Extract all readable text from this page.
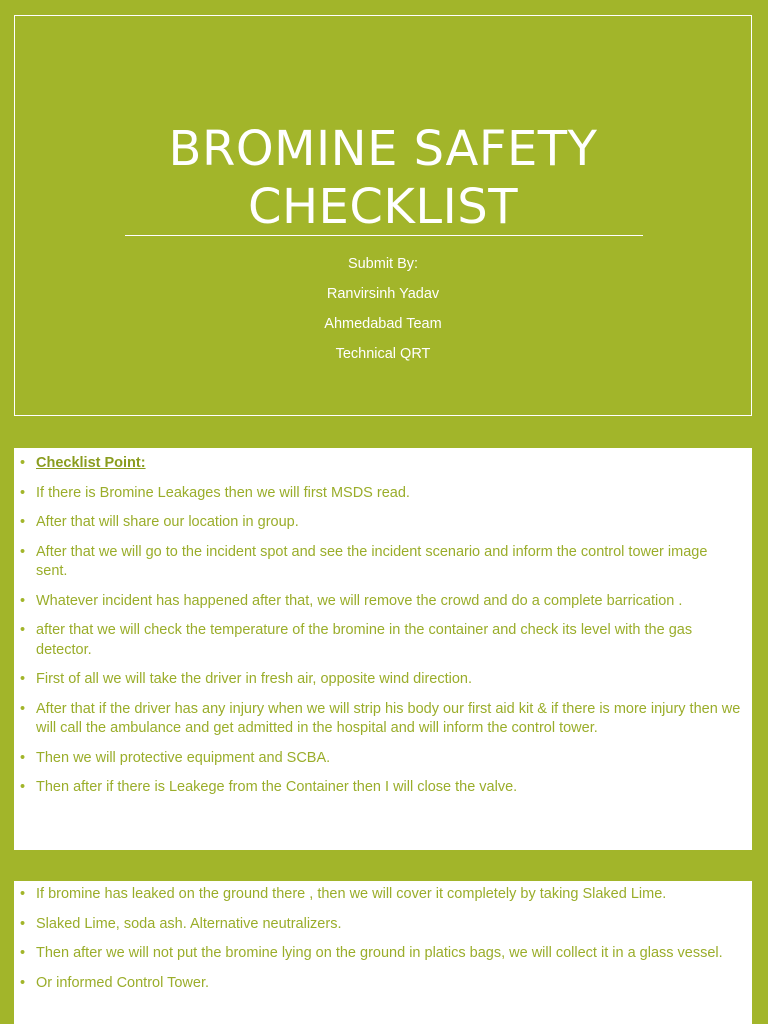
BROMINE SAFETY
CHECKLIST
Submit By:
Ranvirsinh Yadav
Ahmedabad Team
Technical QRT
• Checklist Point:
• If there is Bromine Leakages then we will first MSDS read.
• After that will share our location in group.
• After that we will go to the incident spot and see the incident scenario and inform the control tower image sent.
• Whatever incident has happened after that, we will remove the crowd and do a complete barrication .
• after that we will check the temperature of the bromine in the container and check its level with the gas detector.
• First of all we will take the driver in fresh air, opposite wind direction.
• After that if the driver has any injury when we will strip his body our first aid kit & if there is more injury then we will call the ambulance and get admitted in the hospital and will inform the control tower.
• Then we will protective equipment and SCBA.
• Then after if there is Leakege from the Container then I will close the valve.
• If bromine has leaked on the ground there , then we will cover it completely by taking Slaked Lime.
• Slaked Lime, soda ash. Alternative neutralizers.
• Then after we will not put the bromine lying on the ground in platics bags, we will collect it in a glass vessel.
• Or informed Control Tower.
